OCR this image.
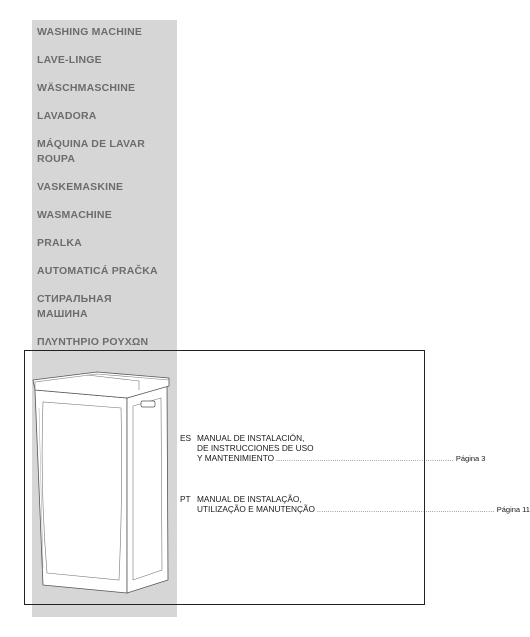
WASHING MACHINE
LAVE-LINGE
WÄSCHMASCHINE
LAVADORA
MÁQUINA DE LAVAR
ROUPA
VASKEMASKINE
WASMACHINE
PRALKA
AUTOMATICÁ PRAČKA
СТИРАЛЬНАЯ
МАШИНА
ΠΛΥΝΤΗΡΙΟ ΡΟΥΧΩΝ
ES MANUAL DE INSTALACIÓN,
DE INSTRUCCIONES DE USO
Y MANTENIMIENTO .................................................................................. Página 3
PT MANUAL DE INSTALAÇÃO,
UTILIZAÇÃO E MANUTENÇÃO .................................................................................. Página 11
